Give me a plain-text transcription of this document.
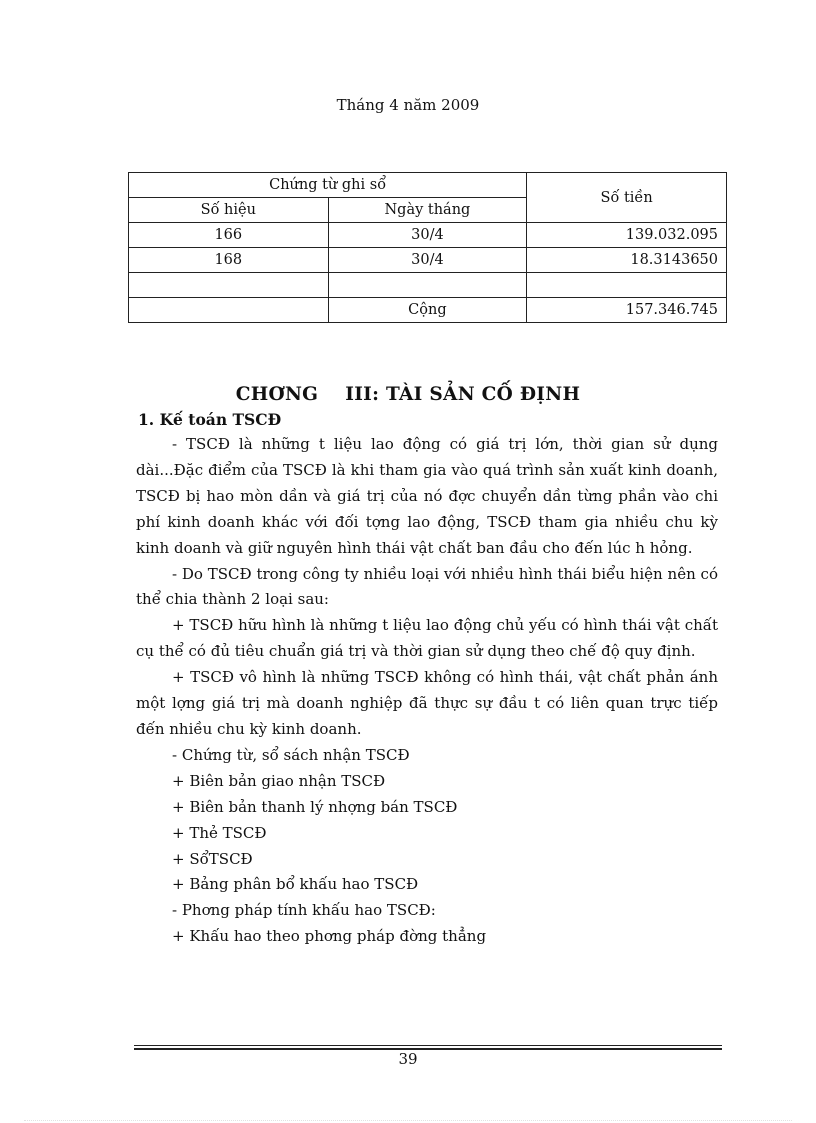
Tháng 4 năm 2009
Chứng từ ghi sổ		Số tiền
Số hiệu	Ngày tháng	
166	30/4	139.032.095
168	30/4	18.3143650

	Cộng	157.346.745
CHƠNG    III: TÀI SẢN CỐ ĐỊNH
1. Kế toán TSCĐ

- TSCĐ là những t liệu lao động có giá trị lớn, thời gian sử dụng dài...Đặc điểm của TSCĐ là khi tham gia vào quá trình sản xuất kinh doanh, TSCĐ bị hao mòn dần và giá trị của nó đợc chuyển dần từng phần vào chi phí kinh doanh khác với đối tợng lao động, TSCĐ tham gia nhiều chu kỳ kinh doanh và giữ nguyên hình thái vật chất ban đầu cho đến lúc h hỏng.

- Do TSCĐ trong công ty nhiều loại với nhiều hình thái biểu hiện nên có thể chia thành 2 loại sau:

+ TSCĐ hữu hình là những t liệu lao động chủ yếu có hình thái vật chất cụ thể có đủ tiêu chuẩn giá trị và thời gian sử dụng theo chế độ quy định.

+ TSCĐ vô hình là những TSCĐ không có hình thái, vật chất phản ánh một lợng giá trị mà doanh nghiệp đã thực sự đầu t có liên quan trực tiếp đến nhiều chu kỳ kinh doanh.

- Chứng từ, sổ sách nhận TSCĐ

+ Biên bản giao nhận TSCĐ

+ Biên bản thanh lý nhợng bán TSCĐ

+ Thẻ TSCĐ

+ SổTSCĐ

+ Bảng phân bổ khấu hao TSCĐ

- Phơng pháp tính khấu hao TSCĐ:

+ Khấu hao theo phơng pháp đờng thẳng

39
